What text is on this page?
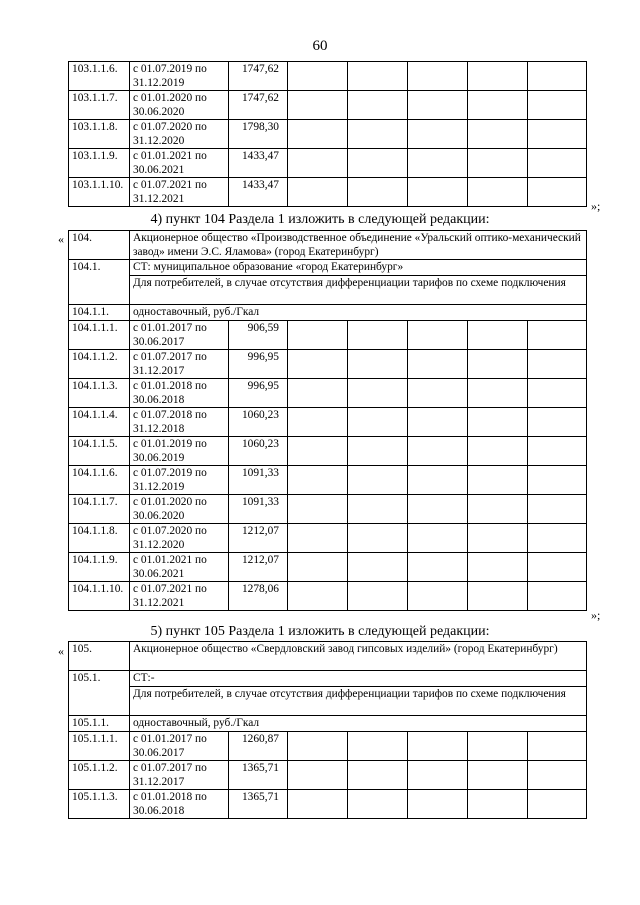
60
103.1.1.6.	с 01.07.2019 по 31.12.2019	1747,62					
103.1.1.7.	с 01.01.2020 по 30.06.2020	1747,62					
103.1.1.8.	с 01.07.2020 по 31.12.2020	1798,30					
103.1.1.9.	с 01.01.2021 по 30.06.2021	1433,47					
103.1.1.10.	с 01.07.2021 по 31.12.2021	1433,47					
»;
4) пункт 104 Раздела 1 изложить в следующей редакции:
« 104.	Акционерное общество «Производственное объединение «Уральский оптико-механический завод» имени Э.С. Яламова» (город Екатеринбург)						
104.1.	СТ: муниципальное образование «город Екатеринбург»						
	Для потребителей, в случае отсутствия дифференциации тарифов по схеме подключения						
104.1.1.	одноставочный, руб./Гкал						
104.1.1.1.	с 01.01.2017 по 30.06.2017	906,59					
104.1.1.2.	с 01.07.2017 по 31.12.2017	996,95					
104.1.1.3.	с 01.01.2018 по 30.06.2018	996,95					
104.1.1.4.	с 01.07.2018 по 31.12.2018	1060,23					
104.1.1.5.	с 01.01.2019 по 30.06.2019	1060,23					
104.1.1.6.	с 01.07.2019 по 31.12.2019	1091,33					
104.1.1.7.	с 01.01.2020 по 30.06.2020	1091,33					
104.1.1.8.	с 01.07.2020 по 31.12.2020	1212,07					
104.1.1.9.	с 01.01.2021 по 30.06.2021	1212,07					
104.1.1.10.	с 01.07.2021 по 31.12.2021	1278,06					
»;
5) пункт 105 Раздела 1 изложить в следующей редакции:
« 105.	Акционерное общество «Свердловский завод гипсовых изделий» (город Екатеринбург)						
105.1.	СТ:-						
	Для потребителей, в случае отсутствия дифференциации тарифов по схеме подключения						
105.1.1.	одноставочный, руб./Гкал						
105.1.1.1.	с 01.01.2017 по 30.06.2017	1260,87					
105.1.1.2.	с 01.07.2017 по 31.12.2017	1365,71					
105.1.1.3.	с 01.01.2018 по 30.06.2018	1365,71					
